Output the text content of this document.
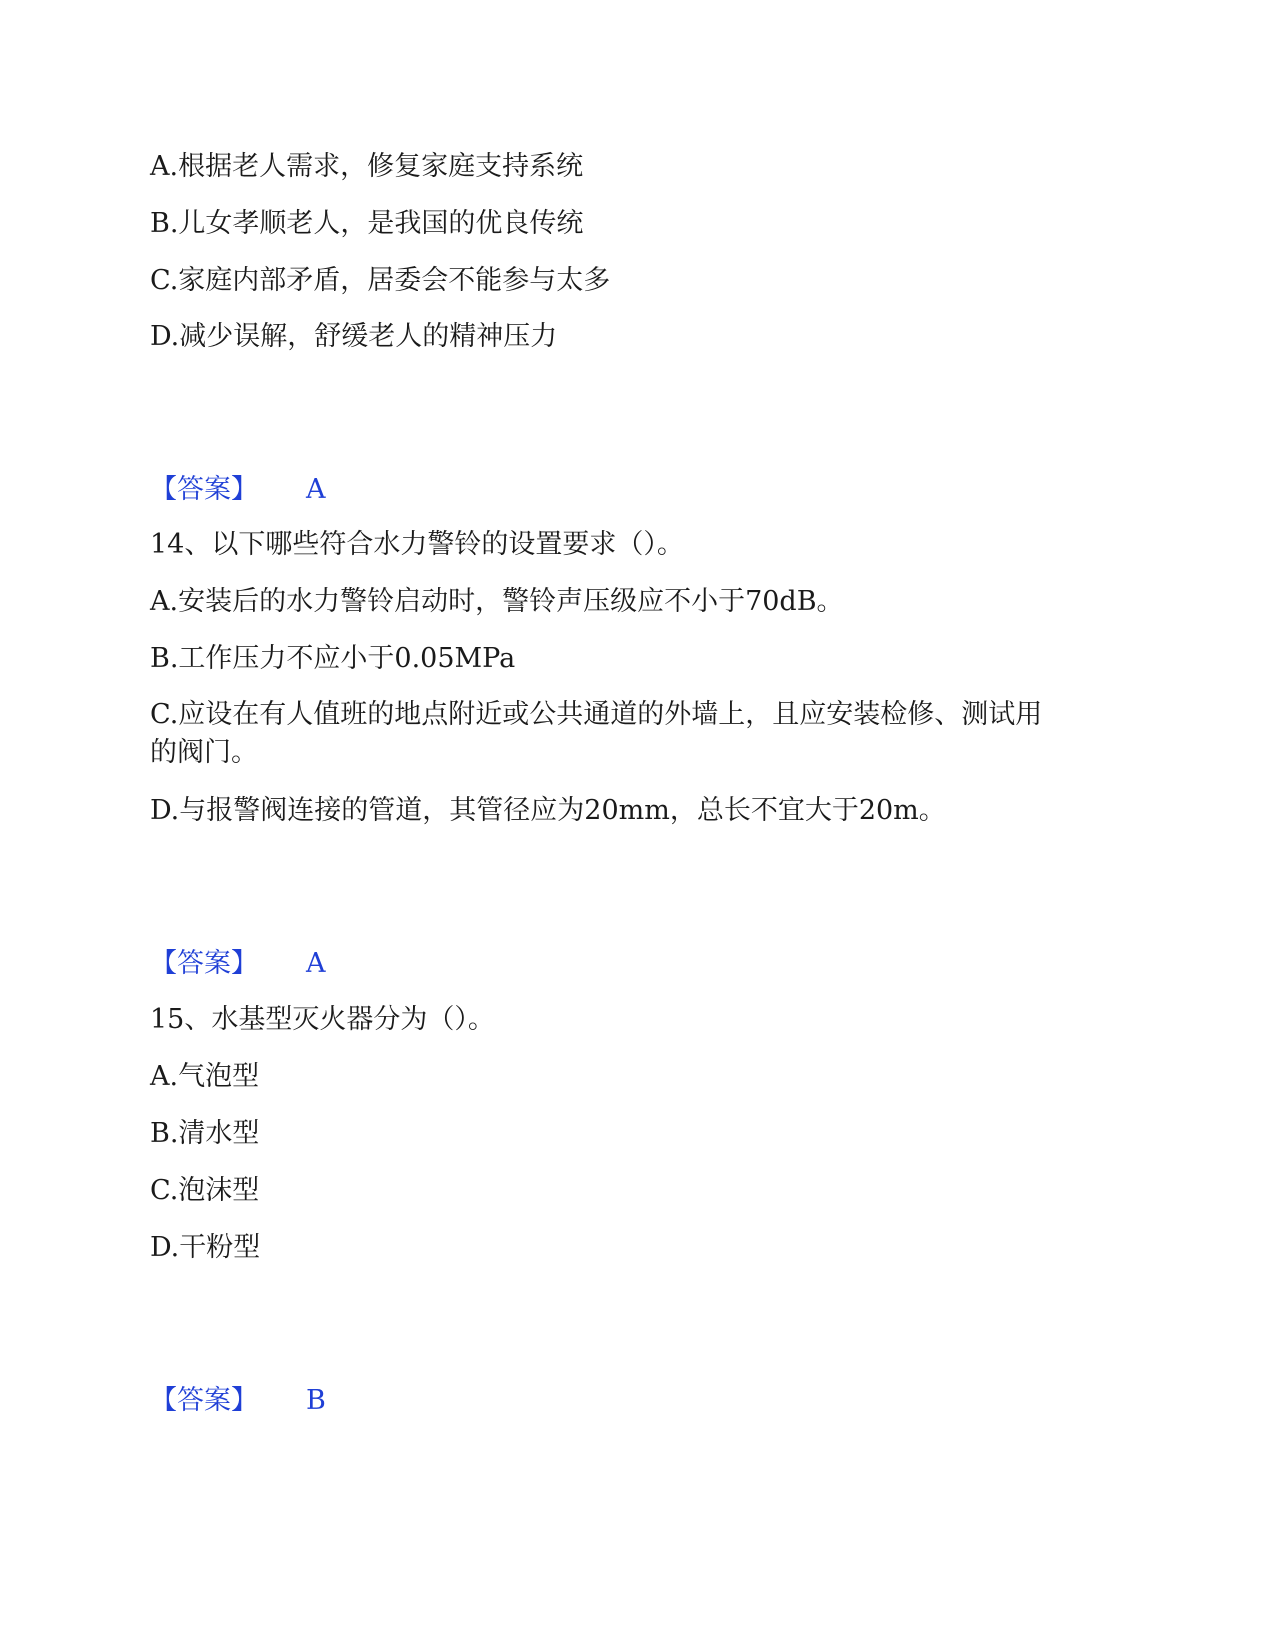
A.根据老人需求，修复家庭支持系统
B.儿女孝顺老人，是我国的优良传统
C.家庭内部矛盾，居委会不能参与太多
D.减少误解，舒缓老人的精神压力
【答案】 A
14、以下哪些符合水力警铃的设置要求（）。
A.安装后的水力警铃启动时，警铃声压级应不小于70dB。
B.工作压力不应小于0.05MPa
C.应设在有人值班的地点附近或公共通道的外墙上，且应安装检修、测试用
的阀门。
D.与报警阀连接的管道，其管径应为20mm，总长不宜大于20m。
【答案】 A
15、水基型灭火器分为（）。
A.气泡型
B.清水型
C.泡沫型
D.干粉型
【答案】 B
